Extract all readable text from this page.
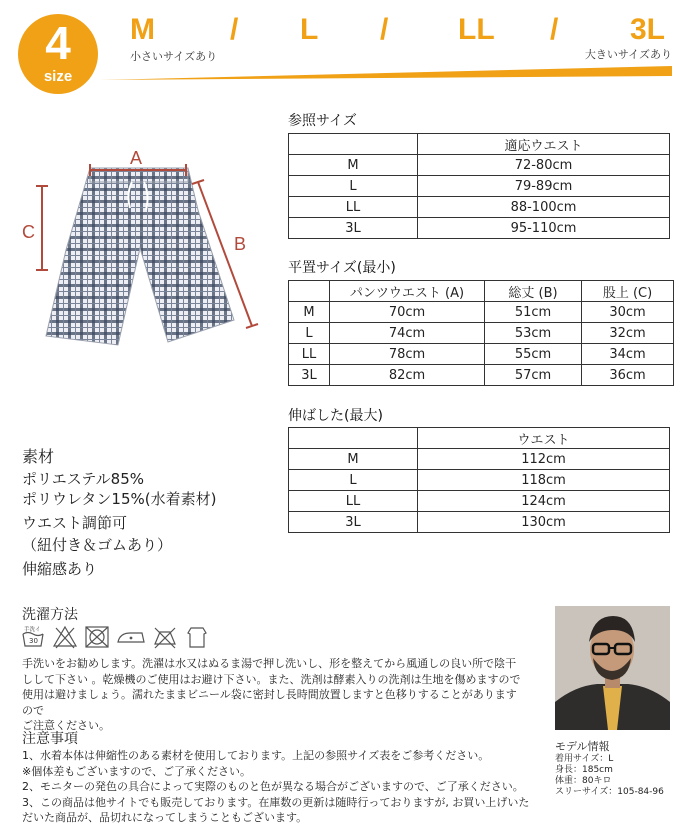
4
size
M	/ L / LL / 3L
小さいサイズあり	大きいサイズあり
A
B
C
参照サイズ
	適応ウエスト
M	72-80cm
L	79-89cm
LL	88-100cm
3L	95-110cm
平置サイズ(最小)
	パンツウエスト (A)	総丈 (B)	股上 (C)
M	70cm	51cm	30cm
L	74cm	53cm	32cm
LL	78cm	55cm	34cm
3L	82cm	57cm	36cm
伸ばした(最大)
	ウエスト
M	112cm
L	118cm
LL	124cm
3L	130cm
素材
ポリエステル85%
ポリウレタン15%(水着素材)
ウエスト調節可
（紐付き＆ゴムあり）
伸縮感あり
洗濯方法
手洗イ
30
手洗いをお勧めします。洗濯は水又はぬるま湯で押し洗いし、形を整えてから風通しの良い所で陰干
しして下さい 。乾燥機のご使用はお避け下さい。また、洗剤は酵素入りの洗剤は生地を傷めますので
使用は避けましょう。濡れたままビニール袋に密封し長時間放置しますと色移りすることがありますので
ご注意ください。
注意事項
1、水着本体は伸縮性のある素材を使用しております。上記の参照サイズ表をご参考ください。
※個体差もございますので、ご了承ください。
2、モニターの発色の具合によって実際のものと色が異なる場合がございますので、ご了承ください。
3、この商品は他サイトでも販売しております。在庫数の更新は随時行っておりますが, お買い上げいた
だいた商品が、品切れになってしまうこともございます。
モデル情報
着用サイズ：L
身長：185cm
体重：80キロ
スリーサイズ：105-84-96
